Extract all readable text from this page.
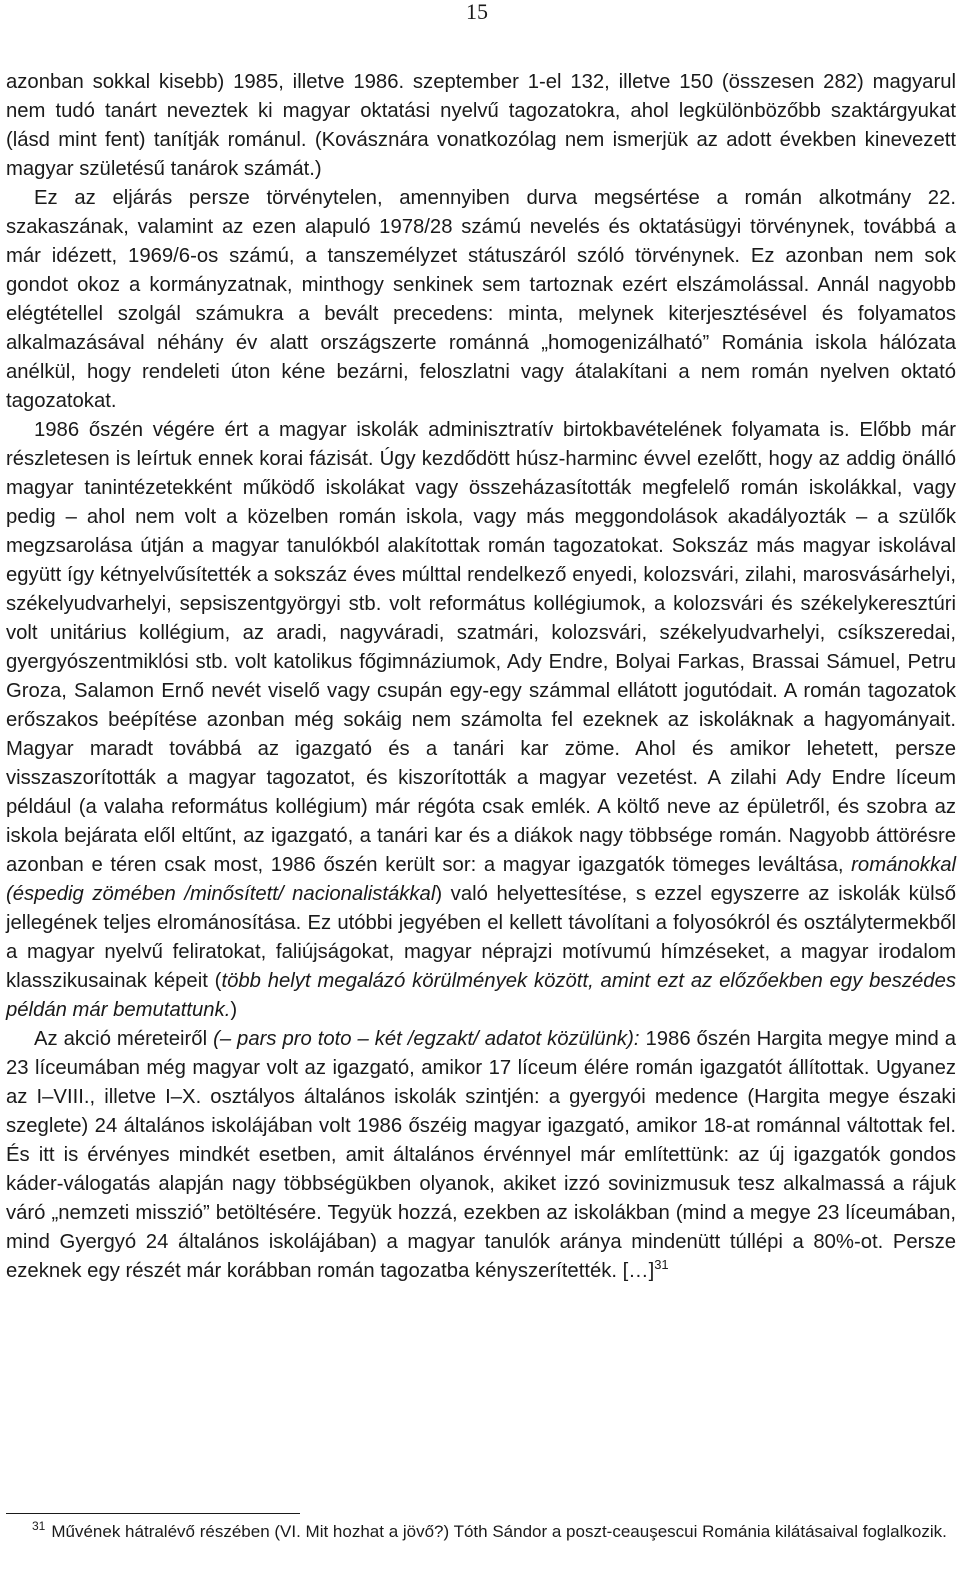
15

azonban sokkal kisebb) 1985, illetve 1986. szeptember 1-el 132, illetve 150 (összesen 282) magyarul nem tudó tanárt neveztek ki magyar oktatási nyelvű tagozatokra, ahol legkülönbözőbb szaktárgyukat (lásd mint fent) tanítják románul. (Kovásznára vonatkozólag nem ismerjük az adott években kinevezett magyar születésű tanárok számát.)

Ez az eljárás persze törvénytelen, amennyiben durva megsértése a román alkotmány 22. szakaszának, valamint az ezen alapuló 1978/28 számú nevelés és oktatásügyi törvénynek, továbbá a már idézett, 1969/6-os számú, a tanszemélyzet státuszáról szóló törvénynek. Ez azonban nem sok gondot okoz a kormányzatnak, minthogy senkinek sem tartoznak ezért elszámolással. Annál nagyobb elégtétellel szolgál számukra a bevált precedens: minta, melynek kiterjesztésével és folyamatos alkalmazásával néhány év alatt országszerte románná „homogenizálható” Románia iskola hálózata anélkül, hogy rendeleti úton kéne bezárni, feloszlatni vagy átalakítani a nem román nyelven oktató tagozatokat.

1986 őszén végére ért a magyar iskolák adminisztratív birtokbavételének folyamata is. Előbb már részletesen is leírtuk ennek korai fázisát. Úgy kezdődött húsz-harminc évvel ezelőtt, hogy az addig önálló magyar tanintézetekként működő iskolákat vagy összeházasították megfelelő román iskolákkal, vagy pedig – ahol nem volt a közelben román iskola, vagy más meggondolások akadályozták – a szülők megzsarolása útján a magyar tanulókból alakítottak román tagozatokat. Sokszáz más magyar iskolával együtt így kétnyelvűsítették a sokszáz éves múlttal rendelkező enyedi, kolozsvári, zilahi, marosvásárhelyi, székelyudvarhelyi, sepsiszentgyörgyi stb. volt református kollégiumok, a kolozsvári és székelykeresztúri volt unitárius kollégium, az aradi, nagyváradi, szatmári, kolozsvári, székelyudvarhelyi, csíkszeredai, gyergyószentmiklósi stb. volt katolikus főgimnáziumok, Ady Endre, Bolyai Farkas, Brassai Sámuel, Petru Groza, Salamon Ernő nevét viselő vagy csupán egy-egy számmal ellátott jogutódait. A román tagozatok erőszakos beépítése azonban még sokáig nem számolta fel ezeknek az iskoláknak a hagyományait. Magyar maradt továbbá az igazgató és a tanári kar zöme. Ahol és amikor lehetett, persze visszaszorították a magyar tagozatot, és kiszorították a magyar vezetést. A zilahi Ady Endre líceum például (a valaha református kollégium) már régóta csak emlék. A költő neve az épületről, és szobra az iskola bejárata elől eltűnt, az igazgató, a tanári kar és a diákok nagy többsége román. Nagyobb áttörésre azonban e téren csak most, 1986 őszén került sor: a magyar igazgatók tömeges leváltása, románokkal (éspedig zömében /minősített/ nacionalistákkal) való helyettesítése, s ezzel egyszerre az iskolák külső jellegének teljes elrománosítása. Ez utóbbi jegyében el kellett távolítani a folyosókról és osztálytermekből a magyar nyelvű feliratokat, faliújságokat, magyar néprajzi motívumú hímzéseket, a magyar irodalom klasszikusainak képeit (több helyt megalázó körülmények között, amint ezt az előzőekben egy beszédes példán már bemutattunk.)

Az akció méreteiről (– pars pro toto – két /egzakt/ adatot közülünk): 1986 őszén Hargita megye mind a 23 líceumában még magyar volt az igazgató, amikor 17 líceum élére román igazgatót állítottak. Ugyanez az I–VIII., illetve I–X. osztályos általános iskolák szintjén: a gyergyói medence (Hargita megye északi szeglete) 24 általános iskolájában volt 1986 őszéig magyar igazgató, amikor 18-at románnal váltottak fel. És itt is érvényes mindkét esetben, amit általános érvénnyel már említettünk: az új igazgatók gondos káder-válogatás alapján nagy többségükben olyanok, akiket izzó sovinizmusuk tesz alkalmassá a rájuk váró „nemzeti misszió” betöltésére. Tegyük hozzá, ezekben az iskolákban (mind a megye 23 líceumában, mind Gyergyó 24 általános iskolájában) a magyar tanulók aránya mindenütt túllépi a 80%-ot. Persze ezeknek egy részét már korábban román tagozatba kényszerítették. […]$^{31}$

$^{31}$ Művének hátralévő részében (VI. Mit hozhat a jövő?) Tóth Sándor a poszt-ceauşescui Románia kilátásaival foglalkozik.
